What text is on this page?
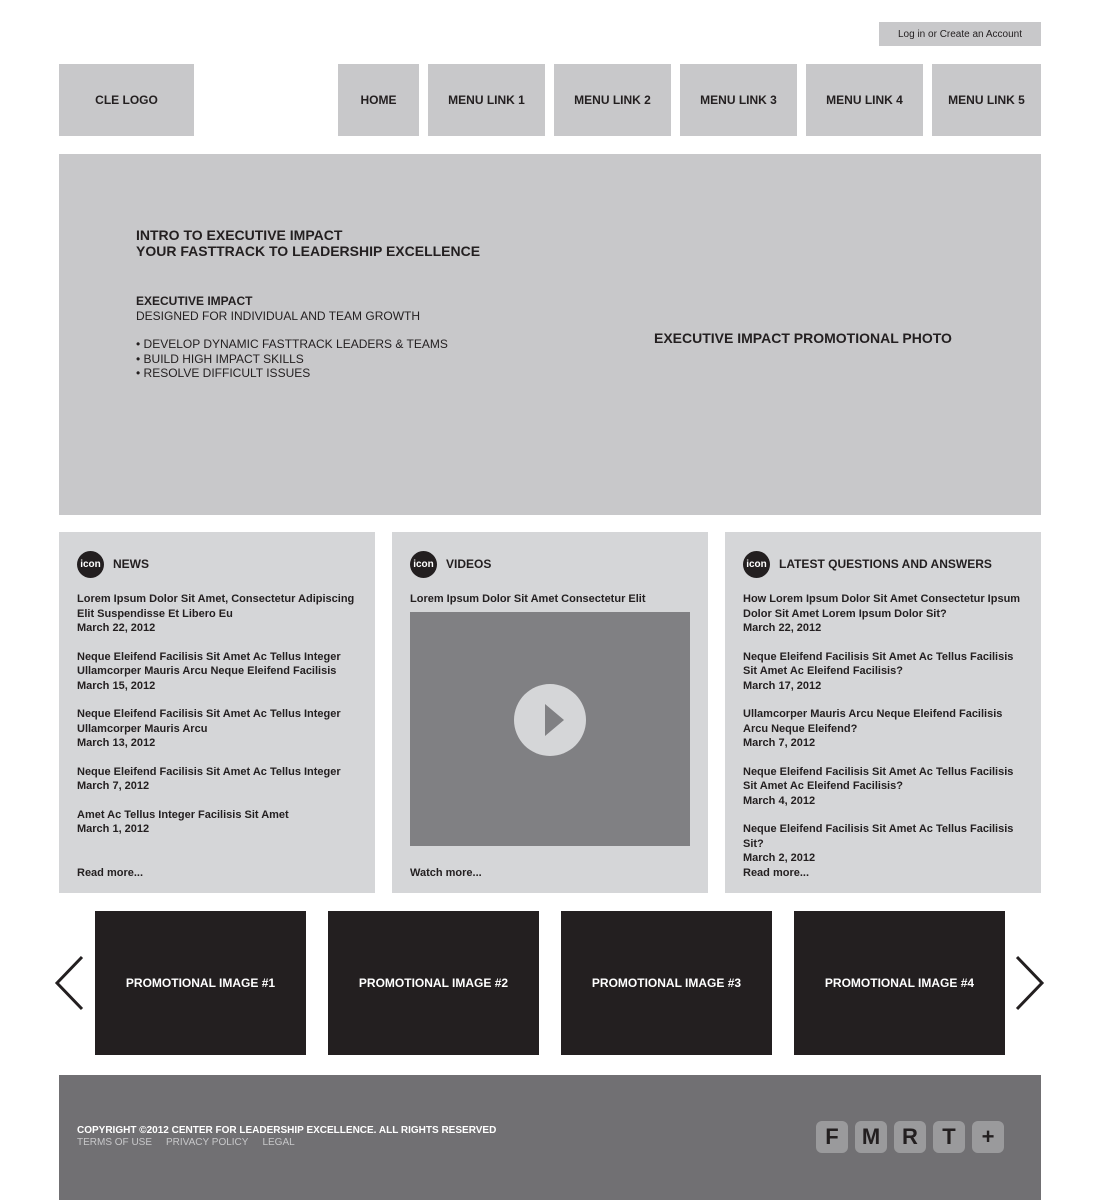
Log in or Create an Account
CLE LOGO	HOME	MENU LINK 1	MENU LINK 2	MENU LINK 3	MENU LINK 4	MENU LINK 5
INTRO TO EXECUTIVE IMPACT
YOUR FASTTRACK TO LEADERSHIP EXCELLENCE
EXECUTIVE IMPACT
DESIGNED FOR INDIVIDUAL AND TEAM GROWTH
• DEVELOP DYNAMIC FASTTRACK LEADERS & TEAMS
• BUILD HIGH IMPACT SKILLS
• RESOLVE DIFFICULT ISSUES
EXECUTIVE IMPACT PROMOTIONAL PHOTO
icon NEWS
Lorem Ipsum Dolor Sit Amet, Consectetur Adipiscing Elit Suspendisse Et Libero Eu
March 22, 2012
Neque Eleifend Facilisis Sit Amet Ac Tellus Integer Ullamcorper Mauris Arcu Neque Eleifend Facilisis
March 15, 2012
Neque Eleifend Facilisis Sit Amet Ac Tellus Integer Ullamcorper Mauris Arcu
March 13, 2012
Neque Eleifend Facilisis Sit Amet Ac Tellus Integer
March 7, 2012
Amet Ac Tellus Integer Facilisis Sit Amet
March 1, 2012
Read more...
icon VIDEOS
Lorem Ipsum Dolor Sit Amet Consectetur Elit
Watch more...
icon LATEST QUESTIONS AND ANSWERS
How Lorem Ipsum Dolor Sit Amet Consectetur Ipsum Dolor Sit Amet Lorem Ipsum Dolor Sit?
March 22, 2012
Neque Eleifend Facilisis Sit Amet Ac Tellus Facilisis Sit Amet Ac Eleifend Facilisis?
March 17, 2012
Ullamcorper Mauris Arcu Neque Eleifend Facilisis Arcu Neque Eleifend?
March 7, 2012
Neque Eleifend Facilisis Sit Amet Ac Tellus Facilisis Sit Amet Ac Eleifend Facilisis?
March 4, 2012
Neque Eleifend Facilisis Sit Amet Ac Tellus Facilisis Sit?
March 2, 2012
Read more...
PROMOTIONAL IMAGE #1	PROMOTIONAL IMAGE #2	PROMOTIONAL IMAGE #3	PROMOTIONAL IMAGE #4
COPYRIGHT ©2012 CENTER FOR LEADERSHIP EXCELLENCE. ALL RIGHTS RESERVED
TERMS OF USE PRIVACY POLICY LEGAL	F	M R	T	+
